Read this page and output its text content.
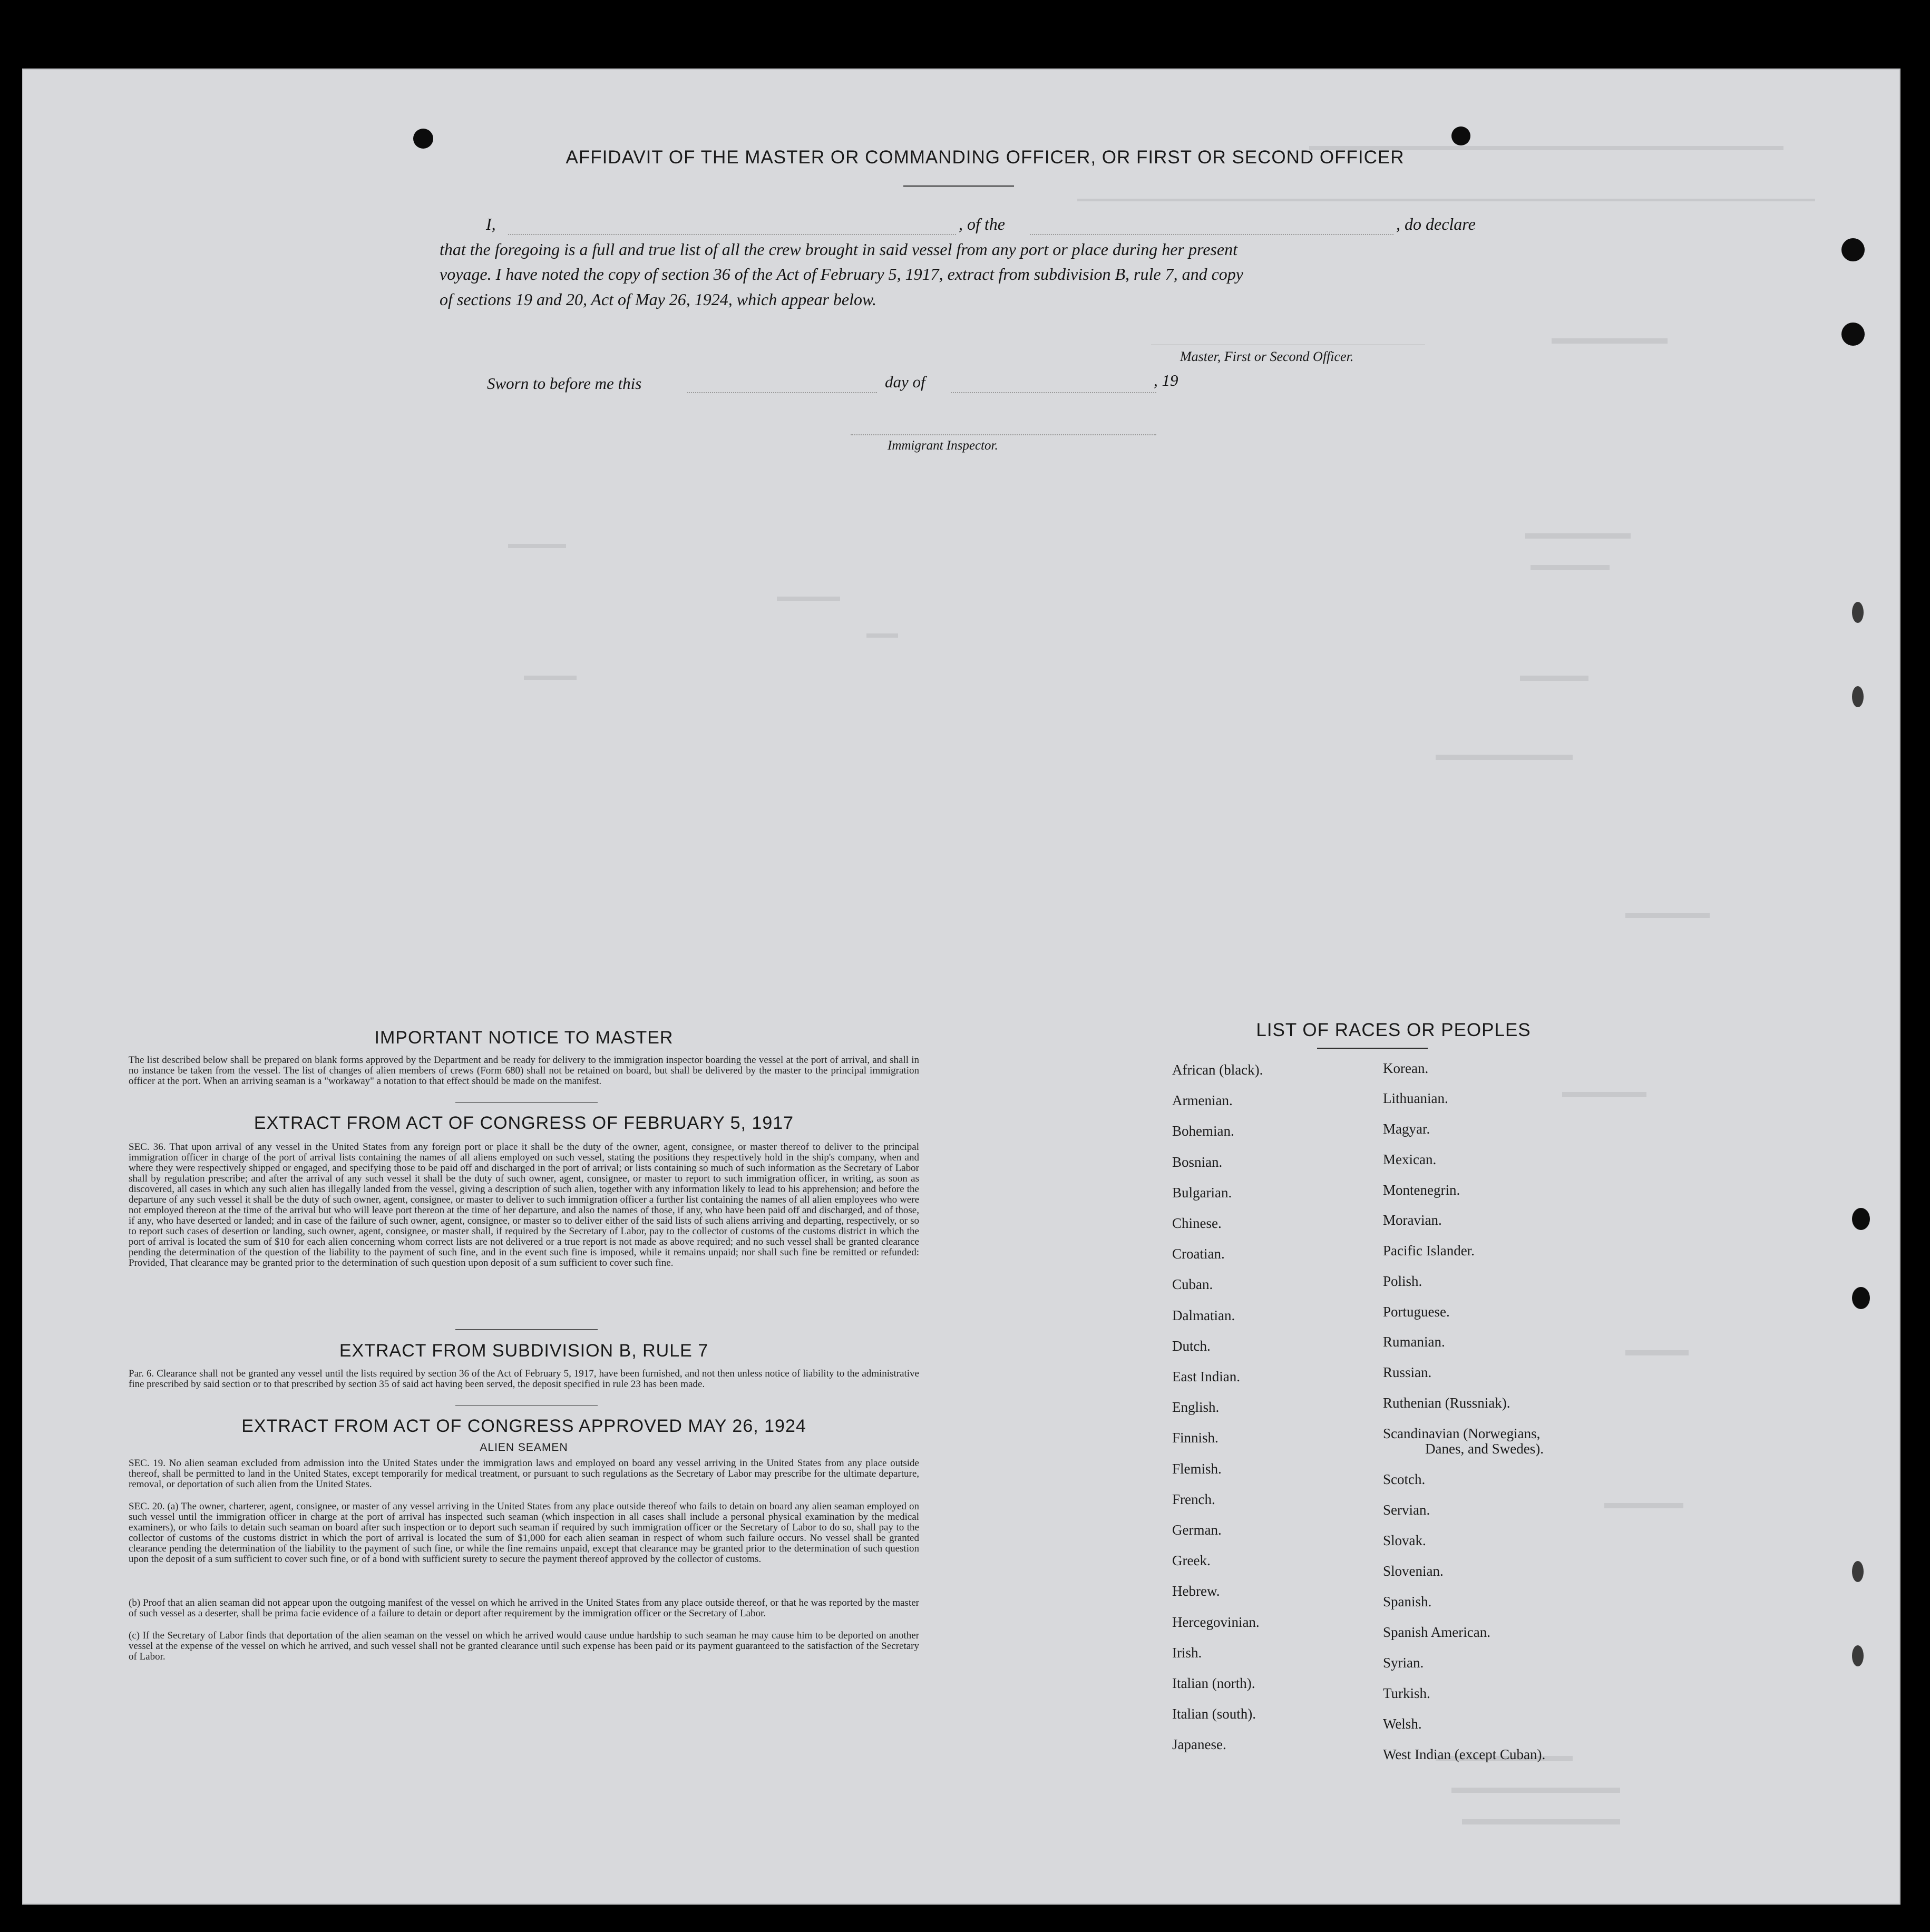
AFFIDAVIT OF THE MASTER OR COMMANDING OFFICER, OR FIRST OR SECOND OFFICER
I,	, of the	, do declare
that the foregoing is a full and true list of all the crew brought in said vessel from any port or place during her present
voyage. I have noted the copy of section 36 of the Act of February 5, 1917, extract from subdivision B, rule 7, and copy
of sections 19 and 20, Act of May 26, 1924, which appear below.
Master, First or Second Officer.
Sworn to before me this	day of	, 19
Immigrant Inspector.
IMPORTANT NOTICE TO MASTER
The list described below shall be prepared on blank forms approved by the Department and be ready for delivery to the immigration inspector boarding the vessel at the port of arrival, and shall in no instance be taken from the vessel. The list of changes of alien members of crews (Form 680) shall not be retained on board, but shall be delivered by the master to the principal immigration officer at the port. When an arriving seaman is a "workaway" a notation to that effect should be made on the manifest.
EXTRACT FROM ACT OF CONGRESS OF FEBRUARY 5, 1917
SEC. 36. That upon arrival of any vessel in the United States from any foreign port or place it shall be the duty of the owner, agent, consignee, or master thereof to deliver to the principal immigration officer in charge of the port of arrival lists containing the names of all aliens employed on such vessel, stating the positions they respectively hold in the ship's company, when and where they were respectively shipped or engaged, and specifying those to be paid off and discharged in the port of arrival; or lists containing so much of such information as the Secretary of Labor shall by regulation prescribe; and after the arrival of any such vessel it shall be the duty of such owner, agent, consignee, or master to report to such immigration officer, in writing, as soon as discovered, all cases in which any such alien has illegally landed from the vessel, giving a description of such alien, together with any information likely to lead to his apprehension; and before the departure of any such vessel it shall be the duty of such owner, agent, consignee, or master to deliver to such immigration officer a further list containing the names of all alien employees who were not employed thereon at the time of the arrival but who will leave port thereon at the time of her departure, and also the names of those, if any, who have been paid off and discharged, and of those, if any, who have deserted or landed; and in case of the failure of such owner, agent, consignee, or master so to deliver either of the said lists of such aliens arriving and departing, respectively, or so to report such cases of desertion or landing, such owner, agent, consignee, or master shall, if required by the Secretary of Labor, pay to the collector of customs of the customs district in which the port of arrival is located the sum of $10 for each alien concerning whom correct lists are not delivered or a true report is not made as above required; and no such vessel shall be granted clearance pending the determination of the question of the liability to the payment of such fine, and in the event such fine is imposed, while it remains unpaid; nor shall such fine be remitted or refunded: Provided, That clearance may be granted prior to the determination of such question upon deposit of a sum sufficient to cover such fine.
EXTRACT FROM SUBDIVISION B, RULE 7
Par. 6. Clearance shall not be granted any vessel until the lists required by section 36 of the Act of February 5, 1917, have been furnished, and not then unless notice of liability to the administrative fine prescribed by said section or to that prescribed by section 35 of said act having been served, the deposit specified in rule 23 has been made.
EXTRACT FROM ACT OF CONGRESS APPROVED MAY 26, 1924
ALIEN SEAMEN
SEC. 19. No alien seaman excluded from admission into the United States under the immigration laws and employed on board any vessel arriving in the United States from any place outside thereof, shall be permitted to land in the United States, except temporarily for medical treatment, or pursuant to such regulations as the Secretary of Labor may prescribe for the ultimate departure, removal, or deportation of such alien from the United States.
SEC. 20. (a) The owner, charterer, agent, consignee, or master of any vessel arriving in the United States from any place outside thereof who fails to detain on board any alien seaman employed on such vessel until the immigration officer in charge at the port of arrival has inspected such seaman (which inspection in all cases shall include a personal physical examination by the medical examiners), or who fails to detain such seaman on board after such inspection or to deport such seaman if required by such immigration officer or the Secretary of Labor to do so, shall pay to the collector of customs of the customs district in which the port of arrival is located the sum of $1,000 for each alien seaman in respect of whom such failure occurs. No vessel shall be granted clearance pending the determination of the liability to the payment of such fine, or while the fine remains unpaid, except that clearance may be granted prior to the determination of such question upon the deposit of a sum sufficient to cover such fine, or of a bond with sufficient surety to secure the payment thereof approved by the collector of customs.
(b) Proof that an alien seaman did not appear upon the outgoing manifest of the vessel on which he arrived in the United States from any place outside thereof, or that he was reported by the master of such vessel as a deserter, shall be prima facie evidence of a failure to detain or deport after requirement by the immigration officer or the Secretary of Labor.
(c) If the Secretary of Labor finds that deportation of the alien seaman on the vessel on which he arrived would cause undue hardship to such seaman he may cause him to be deported on another vessel at the expense of the vessel on which he arrived, and such vessel shall not be granted clearance until such expense has been paid or its payment guaranteed to the satisfaction of the Secretary of Labor.
LIST OF RACES OR PEOPLES
African (black).
Armenian.
Bohemian.
Bosnian.
Bulgarian.
Chinese.
Croatian.
Cuban.
Dalmatian.
Dutch.
East Indian.
English.
Finnish.
Flemish.
French.
German.
Greek.
Hebrew.
Hercegovinian.
Irish.
Italian (north).
Italian (south).
Japanese.
Korean.
Lithuanian.
Magyar.
Mexican.
Montenegrin.
Moravian.
Pacific Islander.
Polish.
Portuguese.
Rumanian.
Russian.
Ruthenian (Russniak).
Scandinavian (Norwegians,
Danes, and Swedes).
Scotch.
Servian.
Slovak.
Slovenian.
Spanish.
Spanish American.
Syrian.
Turkish.
Welsh.
West Indian (except Cuban).
